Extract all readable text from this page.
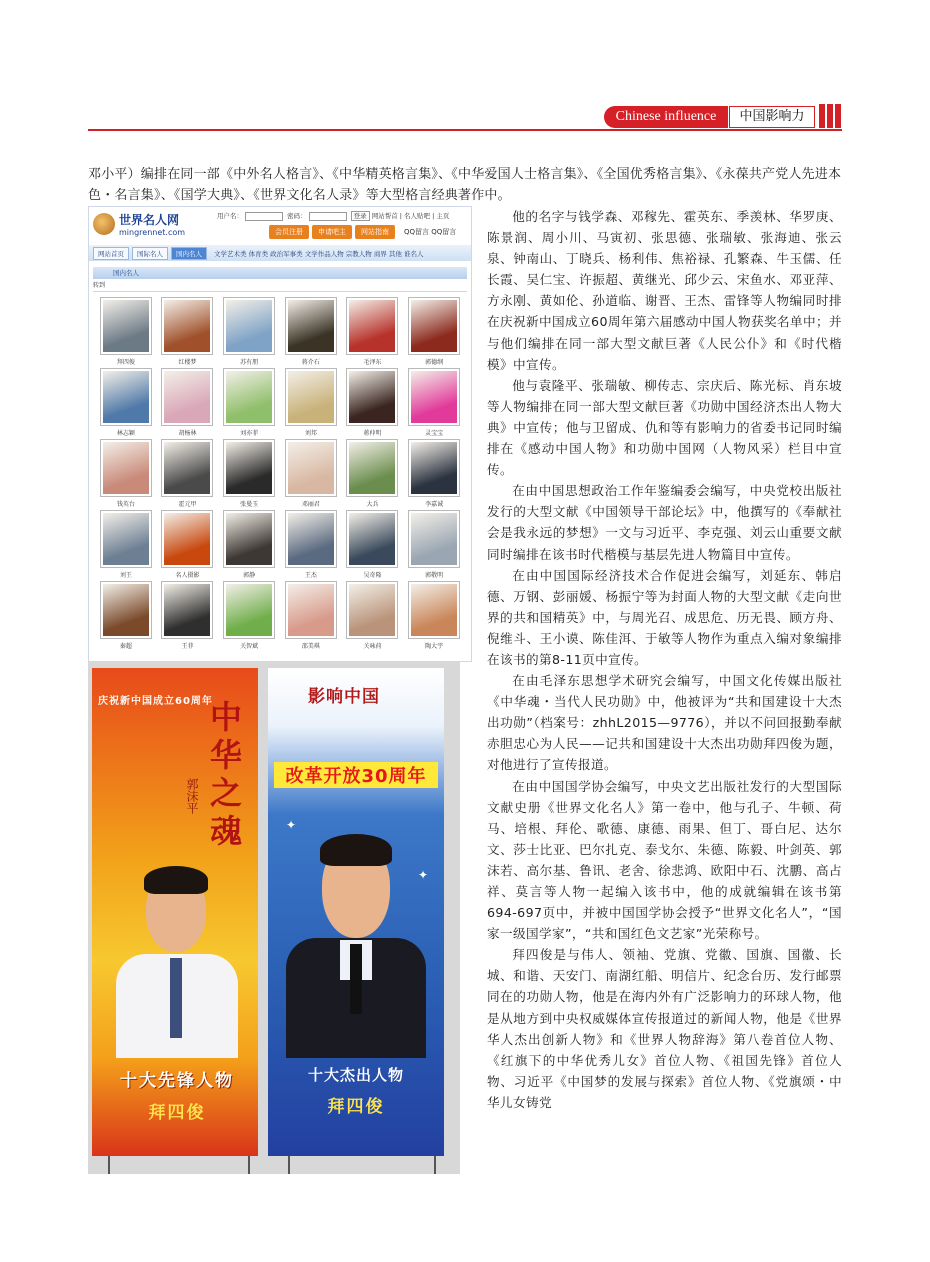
Chinese influence	中国影响力

邓小平）编排在同一部《中外名人格言》、《中华精英格言集》、《中华爱国人士格言集》、《全国优秀格言集》、《永葆共产党人先进本色・名言集》、《国学大典》、《世界文化名人录》等大型格言经典著作中。

世界名人网
mingrennet.com
用户名：	密码：	登录 网站帮首 | 名人贴吧 | 主页
会员注册	申请吧主	网站指南	QQ留言 QQ留言
网站首页	国际名人	国内名人	文学艺术类 体育类 政治军事类 文学作品人物 宗教人物 商界 其他 谁名人
国内名人
转到
拜四俊	红楼梦	苏有朋	蒋介石	毛泽东	郭德纲
林志颖	胡杨林	刘亦菲	刘邦	蒋仲明	灵宝宝
钱英台	霍元甲	张曼玉	邓丽君	大兵	李嘉诚
刘王	名人摄影	郭静	王杰	吴奇隆	郭敬明
秦超	王菲	关智斌	邵美琪	关咏荷	陶大宇
庆祝新中国成立60周年
中华之魂
郭沫平
十大先锋人物
拜四俊
影响中国
改革开放30周年
✦
✦
十大杰出人物
拜四俊

他的名字与钱学森、邓稼先、霍英东、季羡林、华罗庚、陈景润、周小川、马寅初、张思德、张瑞敏、张海迪、张云泉、钟南山、丁晓兵、杨利伟、焦裕禄、孔繁森、牛玉儒、任长霞、吴仁宝、许振超、黄继光、邱少云、宋鱼水、邓亚萍、方永刚、黄如伦、孙道临、谢晋、王杰、雷锋等人物编同时排在庆祝新中国成立60周年第六届感动中国人物获奖名单中；并与他们编排在同一部大型文献巨著《人民公仆》和《时代楷模》中宣传。

他与袁隆平、张瑞敏、柳传志、宗庆后、陈光标、肖东坡等人物编排在同一部大型文献巨著《功勋中国经济杰出人物大典》中宣传；他与卫留成、仇和等有影响力的省委书记同时编排在《感动中国人物》和功勋中国网（人物风采）栏目中宣传。

在由中国思想政治工作年鉴编委会编写，中央党校出版社发行的大型文献《中国领导干部论坛》中，他撰写的《奉献社会是我永远的梦想》一文与习近平、李克强、刘云山重要文献同时编排在该书时代楷模与基层先进人物篇目中宣传。

在由中国国际经济技术合作促进会编写，刘延东、韩启德、万钢、彭丽媛、杨振宁等为封面人物的大型文献《走向世界的共和国精英》中，与周光召、成思危、历无畏、顾方舟、倪维斗、王小谟、陈佳洱、于敏等人物作为重点入编对象编排在该书的第8-11页中宣传。

在由毛泽东思想学术研究会编写，中国文化传媒出版社《中华魂・当代人民功勋》中，他被评为“共和国建设十大杰出功勋”（档案号：zhhL2015—9776），并以不问回报勤奉献　赤胆忠心为人民——记共和国建设十大杰出功勋拜四俊为题，对他进行了宣传报道。

在由中国国学协会编写，中央文艺出版社发行的大型国际文献史册《世界文化名人》第一卷中，他与孔子、牛顿、荷马、培根、拜伦、歌德、康德、雨果、但丁、哥白尼、达尔文、莎士比亚、巴尔扎克、泰戈尔、朱德、陈毅、叶剑英、郭沫若、高尔基、鲁讯、老舍、徐悲鸿、欧阳中石、沈鹏、高占祥、莫言等人物一起编入该书中，他的成就编辑在该书第694-697页中，并被中国国学协会授予“世界文化名人”，“国家一级国学家”，“共和国红色文艺家”光荣称号。

拜四俊是与伟人、领袖、党旗、党徽、国旗、国徽、长城、和谐、天安门、南湖红船、明信片、纪念台历、发行邮票同在的功勋人物，他是在海内外有广泛影响力的环球人物，他是从地方到中央权威媒体宣传报道过的新闻人物，他是《世界华人杰出创新人物》和《世界人物辞海》第八卷首位人物、《红旗下的中华优秀儿女》首位人物、《祖国先锋》首位人物、习近平《中国梦的发展与探索》首位人物、《党旗颂・中华儿女铸党
